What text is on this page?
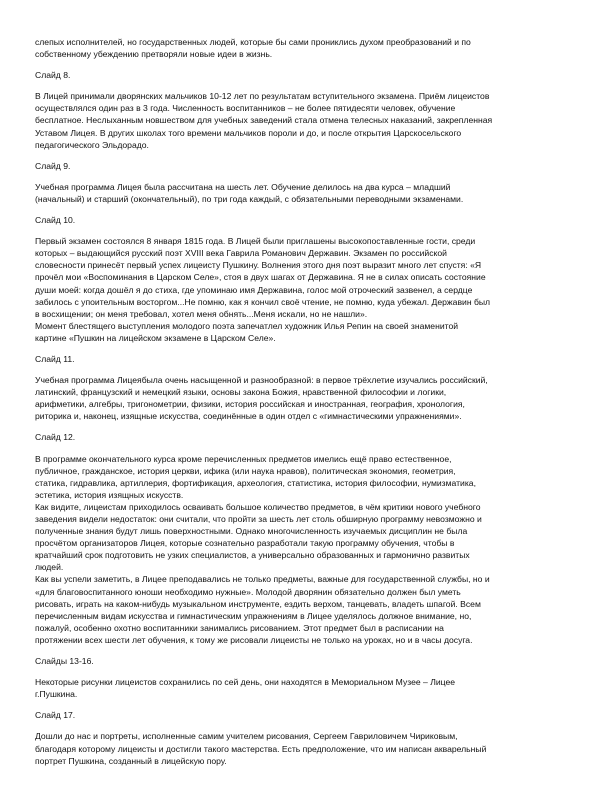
слепых исполнителей, но государственных людей, которые бы сами прониклись духом преобразований и по
собственному убеждению претворяли новые идеи в жизнь.
Слайд 8.
В Лицей принимали дворянских мальчиков 10-12 лет по результатам вступительного экзамена. Приём лицеистов
осуществлялся один раз в 3 года. Численность воспитанников – не более пятидесяти человек, обучение
бесплатное. Неслыханным новшеством для учебных заведений стала отмена телесных наказаний, закрепленная
Уставом Лицея. В других школах того времени мальчиков пороли и до, и после открытия Царскосельского
педагогического Эльдорадо.
Слайд 9.
Учебная программа Лицея была рассчитана на шесть лет. Обучение делилось на два курса – младший
(начальный) и старший (окончательный), по три года каждый, с обязательными переводными экзаменами.
Слайд 10.
Первый экзамен состоялся 8 января 1815 года. В Лицей были приглашены высокопоставленные гости, среди
которых – выдающийся русский поэт XVIII века Гаврила Романович Державин. Экзамен по российской
словесности принесёт первый успех лицеисту Пушкину. Волнения этого дня поэт выразит много лет спустя: «Я
прочёл мои «Воспоминания в Царском Селе», стоя в двух шагах от Державина. Я не в силах описать состояние
души моей: когда дошёл я до стиха, где упоминаю имя Державина, голос мой отроческий зазвенел, а сердце
забилось с упоительным восторгом...Не помню, как я кончил своё чтение, не помню, куда убежал. Державин был
в восхищении; он меня требовал, хотел меня обнять...Меня искали, но не нашли».
Момент блестящего выступления молодого поэта запечатлел художник Илья Репин на своей знаменитой
картине «Пушкин на лицейском экзамене в Царском Селе».
Слайд 11.
Учебная программа Лицеябыла очень насыщенной и разнообразной: в первое трёхлетие изучались российский,
латинский, французский и немецкий языки, основы закона Божия, нравственной философии и логики,
арифметики, алгебры, тригонометрии, физики, история российская и иностранная, география, хронология,
риторика и, наконец, изящные искусства, соединённые в один отдел с «гимнастическими упражнениями».
Слайд 12.
В программе окончательного курса кроме перечисленных предметов имелись ещё право естественное,
публичное, гражданское, история церкви, ифика (или наука нравов), политическая экономия, геометрия,
статика, гидравлика, артиллерия, фортификация, археология, статистика, история философии, нумизматика,
эстетика, история изящных искусств.
Как видите, лицеистам приходилось осваивать большое количество предметов, в чём критики нового учебного
заведения видели недостаток: они считали, что пройти за шесть лет столь обширную программу невозможно и
полученные знания будут лишь поверхностными. Однако многочисленность изучаемых дисциплин не была
просчётом организаторов Лицея, которые сознательно разработали такую программу обучения, чтобы в
кратчайший срок подготовить не узких специалистов, а универсально образованных и гармонично развитых
людей.
Как вы успели заметить, в Лицее преподавались не только предметы, важные для государственной службы, но и
«для благовоспитанного юноши необходимо нужные». Молодой дворянин обязательно должен был уметь
рисовать, играть на каком-нибудь музыкальном инструменте, ездить верхом, танцевать, владеть шпагой. Всем
перечисленным видам искусства и гимнастическим упражнениям в Лицее уделялось должное внимание, но,
пожалуй, особенно охотно воспитанники занимались рисованием. Этот предмет был в расписании на
протяжении всех шести лет обучения, к тому же рисовали лицеисты не только на уроках, но и в часы досуга.
Слайды 13-16.
Некоторые рисунки лицеистов сохранились по сей день, они находятся в Мемориальном Музее – Лицее
г.Пушкина.
Слайд 17.
Дошли до нас и портреты, исполненные самим учителем рисования, Сергеем Гавриловичем Чириковым,
благодаря которому лицеисты и достигли такого мастерства. Есть предположение, что им написан акварельный
портрет Пушкина, созданный в лицейскую пору.
